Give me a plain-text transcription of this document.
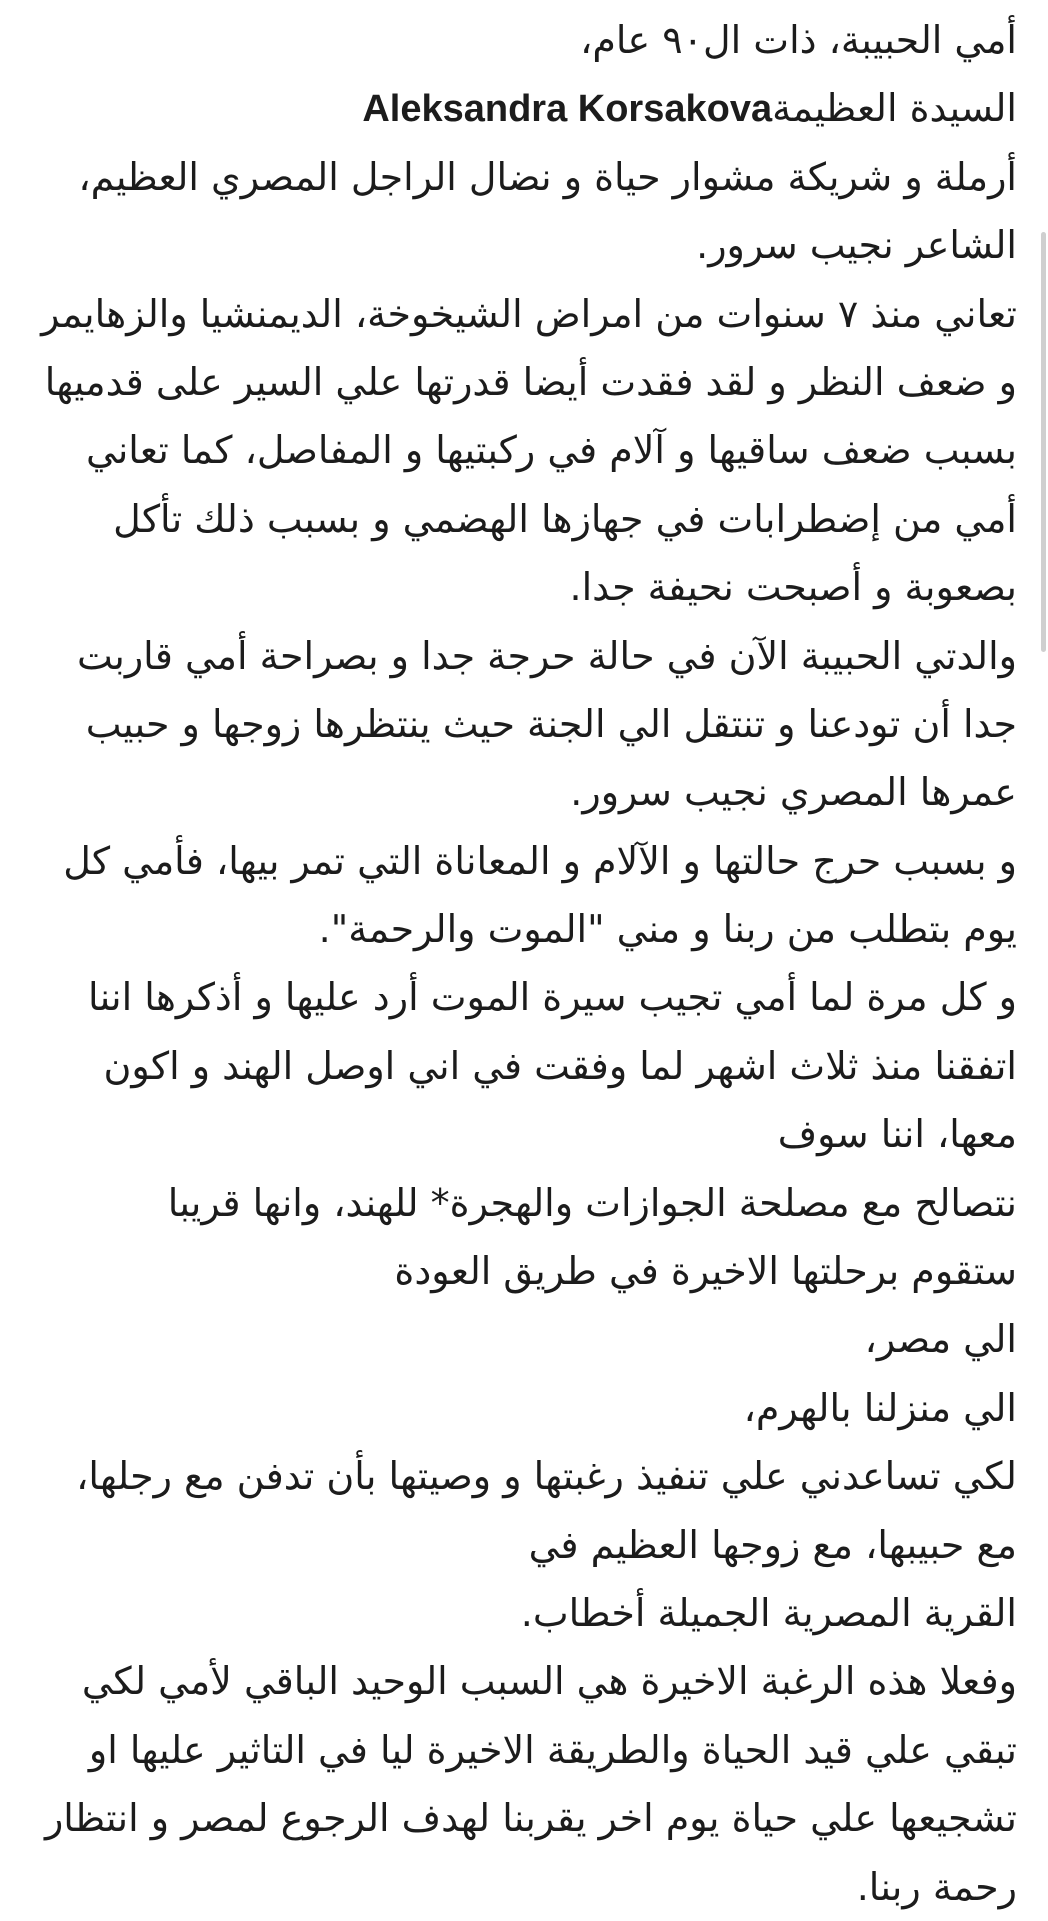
أمي الحبيبة، ذات ال٩٠ عام،
السيدة العظيمةAleksandra Korsakova
أرملة و شريكة مشوار حياة و نضال الراجل المصري العظيم،
الشاعر نجيب سرور.
تعاني منذ ٧ سنوات من امراض الشيخوخة، الديمنشيا والزهايمر
و ضعف النظر و لقد فقدت أيضا قدرتها علي السير على قدميها
بسبب ضعف ساقيها و آلام في ركبتيها و المفاصل، كما تعاني
أمي من إضطرابات في جهازها الهضمي و بسبب ذلك تأكل
بصعوبة و أصبحت نحيفة جدا.
والدتي الحبيبة الآن في حالة حرجة جدا و بصراحة أمي قاربت
جدا أن تودعنا و تنتقل الي الجنة حيث ينتظرها زوجها و حبيب
عمرها المصري نجيب سرور.
و بسبب حرج حالتها و الآلام و المعاناة التي تمر بيها، فأمي كل
يوم بتطلب من ربنا و مني "الموت والرحمة".
و كل مرة لما أمي تجيب سيرة الموت أرد عليها و أذكرها اننا
اتفقنا منذ ثلاث اشهر لما وفقت في اني اوصل الهند و اكون
معها، اننا سوف
نتصالح مع مصلحة الجوازات والهجرة* للهند، وانها قريبا
ستقوم برحلتها الاخيرة في طريق العودة
الي مصر،
الي منزلنا بالهرم،
لكي تساعدني علي تنفيذ رغبتها و وصيتها بأن تدفن مع رجلها،
مع حبيبها، مع زوجها العظيم في
القرية المصرية الجميلة أخطاب.
وفعلا هذه الرغبة الاخيرة هي السبب الوحيد الباقي لأمي لكي
تبقي علي قيد الحياة والطريقة الاخيرة ليا في التاثير عليها او
تشجيعها علي حياة يوم اخر يقربنا لهدف الرجوع لمصر و انتظار
رحمة ربنا.
